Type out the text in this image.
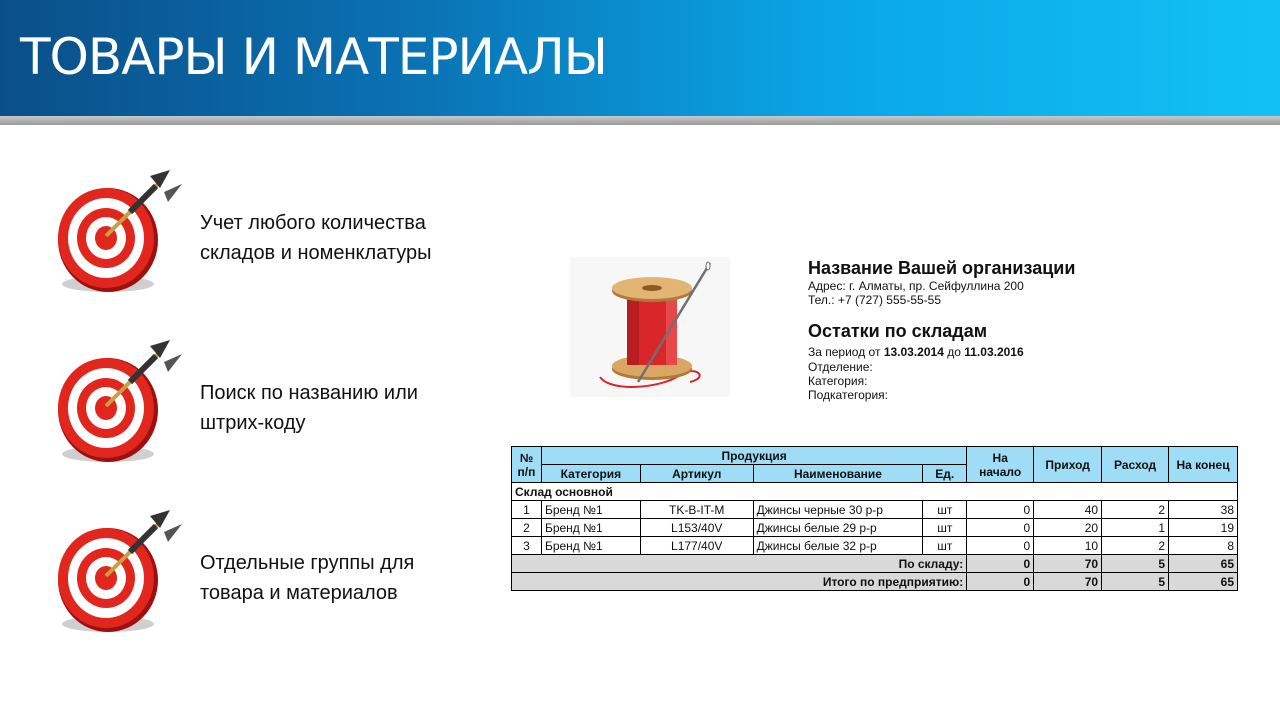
ТОВАРЫ И МАТЕРИАЛЫ
Учет любого количества
складов и номенклатуры
Поиск по названию или
штрих-коду
Отдельные группы для
товара и материалов
Название Вашей организации
Адрес: г. Алматы, пр. Сейфуллина 200
Тел.: +7 (727) 555-55-55
Остатки по складам
За период от 13.03.2014 до 11.03.2016
Отделение:
Категория:
Подкатегория:
№ п/п	Продукция				На начало	Приход	Расход	На конец
	Категория	Артикул	Наименование	Ед.				
Склад основной								
1	Бренд №1	TK-B-IT-M	Джинсы черные 30 р-р	шт	0	40	2	38
2	Бренд №1	L153/40V	Джинсы белые 29 р-р	шт	0	20	1	19
3	Бренд №1	L177/40V	Джинсы белые 32 р-р	шт	0	10	2	8
По складу:					0	70	5	65
Итого по предприятию:					0	70	5	65
